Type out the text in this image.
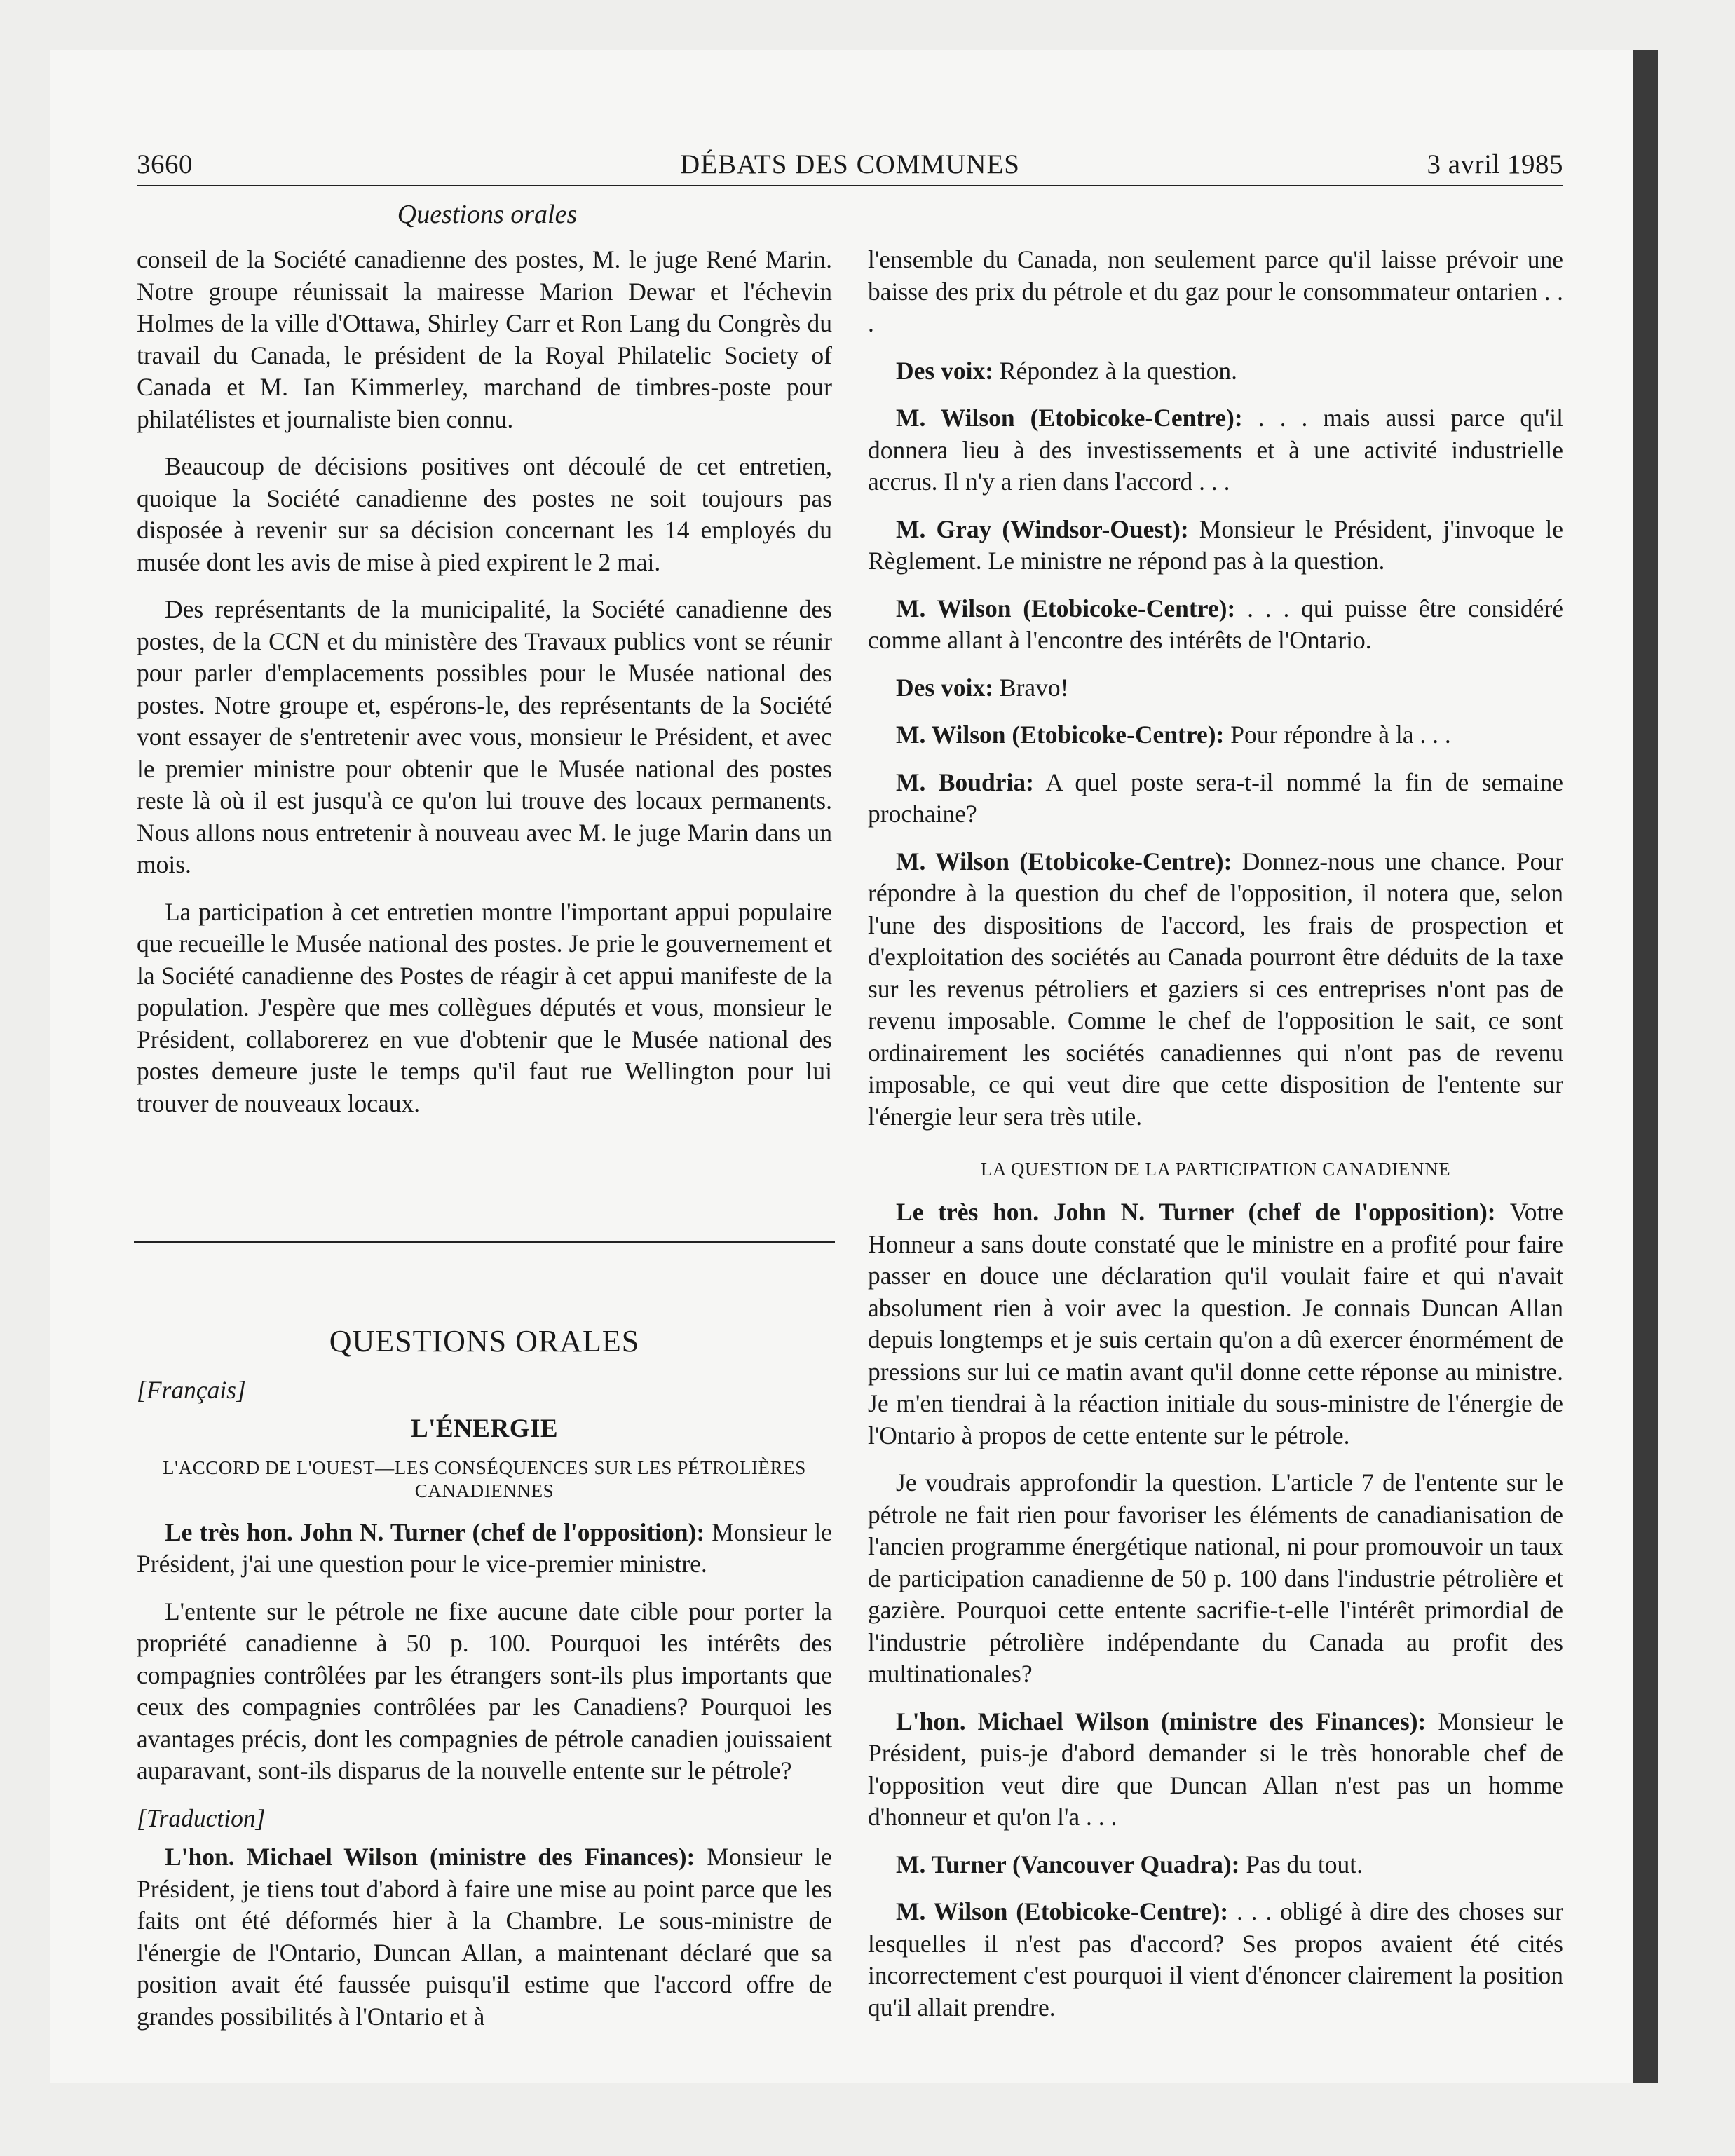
3660	DÉBATS DES COMMUNES	3 avril 1985
Questions orales

conseil de la Société canadienne des postes, M. le juge René Marin. Notre groupe réunissait la mairesse Marion Dewar et l'échevin Holmes de la ville d'Ottawa, Shirley Carr et Ron Lang du Congrès du travail du Canada, le président de la Royal Philatelic Society of Canada et M. Ian Kimmerley, marchand de timbres-poste pour philatélistes et journaliste bien connu.

Beaucoup de décisions positives ont découlé de cet entretien, quoique la Société canadienne des postes ne soit toujours pas disposée à revenir sur sa décision concernant les 14 employés du musée dont les avis de mise à pied expirent le 2 mai.

Des représentants de la municipalité, la Société canadienne des postes, de la CCN et du ministère des Travaux publics vont se réunir pour parler d'emplacements possibles pour le Musée national des postes. Notre groupe et, espérons-le, des représentants de la Société vont essayer de s'entretenir avec vous, monsieur le Président, et avec le premier ministre pour obtenir que le Musée national des postes reste là où il est jusqu'à ce qu'on lui trouve des locaux permanents. Nous allons nous entretenir à nouveau avec M. le juge Marin dans un mois.

La participation à cet entretien montre l'important appui populaire que recueille le Musée national des postes. Je prie le gouvernement et la Société canadienne des Postes de réagir à cet appui manifeste de la population. J'espère que mes collègues députés et vous, monsieur le Président, collaborerez en vue d'obtenir que le Musée national des postes demeure juste le temps qu'il faut rue Wellington pour lui trouver de nouveaux locaux.

QUESTIONS ORALES

[Français]

L'ÉNERGIE
L'ACCORD DE L'OUEST—LES CONSÉQUENCES SUR LES PÉTROLIÈRES CANADIENNES

Le très hon. John N. Turner (chef de l'opposition): Monsieur le Président, j'ai une question pour le vice-premier ministre.

L'entente sur le pétrole ne fixe aucune date cible pour porter la propriété canadienne à 50 p. 100. Pourquoi les intérêts des compagnies contrôlées par les étrangers sont-ils plus importants que ceux des compagnies contrôlées par les Canadiens? Pourquoi les avantages précis, dont les compagnies de pétrole canadien jouissaient auparavant, sont-ils disparus de la nouvelle entente sur le pétrole?

[Traduction]

L'hon. Michael Wilson (ministre des Finances): Monsieur le Président, je tiens tout d'abord à faire une mise au point parce que les faits ont été déformés hier à la Chambre. Le sous-ministre de l'énergie de l'Ontario, Duncan Allan, a maintenant déclaré que sa position avait été faussée puisqu'il estime que l'accord offre de grandes possibilités à l'Ontario et à

l'ensemble du Canada, non seulement parce qu'il laisse prévoir une baisse des prix du pétrole et du gaz pour le consommateur ontarien . . .

Des voix: Répondez à la question.

M. Wilson (Etobicoke-Centre): . . . mais aussi parce qu'il donnera lieu à des investissements et à une activité industrielle accrus. Il n'y a rien dans l'accord . . .

M. Gray (Windsor-Ouest): Monsieur le Président, j'invoque le Règlement. Le ministre ne répond pas à la question.

M. Wilson (Etobicoke-Centre): . . . qui puisse être considéré comme allant à l'encontre des intérêts de l'Ontario.

Des voix: Bravo!

M. Wilson (Etobicoke-Centre): Pour répondre à la . . .

M. Boudria: A quel poste sera-t-il nommé la fin de semaine prochaine?

M. Wilson (Etobicoke-Centre): Donnez-nous une chance. Pour répondre à la question du chef de l'opposition, il notera que, selon l'une des dispositions de l'accord, les frais de prospection et d'exploitation des sociétés au Canada pourront être déduits de la taxe sur les revenus pétroliers et gaziers si ces entreprises n'ont pas de revenu imposable. Comme le chef de l'opposition le sait, ce sont ordinairement les sociétés canadiennes qui n'ont pas de revenu imposable, ce qui veut dire que cette disposition de l'entente sur l'énergie leur sera très utile.

LA QUESTION DE LA PARTICIPATION CANADIENNE

Le très hon. John N. Turner (chef de l'opposition): Votre Honneur a sans doute constaté que le ministre en a profité pour faire passer en douce une déclaration qu'il voulait faire et qui n'avait absolument rien à voir avec la question. Je connais Duncan Allan depuis longtemps et je suis certain qu'on a dû exercer énormément de pressions sur lui ce matin avant qu'il donne cette réponse au ministre. Je m'en tiendrai à la réaction initiale du sous-ministre de l'énergie de l'Ontario à propos de cette entente sur le pétrole.

Je voudrais approfondir la question. L'article 7 de l'entente sur le pétrole ne fait rien pour favoriser les éléments de canadianisation de l'ancien programme énergétique national, ni pour promouvoir un taux de participation canadienne de 50 p. 100 dans l'industrie pétrolière et gazière. Pourquoi cette entente sacrifie-t-elle l'intérêt primordial de l'industrie pétrolière indépendante du Canada au profit des multinationales?

L'hon. Michael Wilson (ministre des Finances): Monsieur le Président, puis-je d'abord demander si le très honorable chef de l'opposition veut dire que Duncan Allan n'est pas un homme d'honneur et qu'on l'a . . .

M. Turner (Vancouver Quadra): Pas du tout.

M. Wilson (Etobicoke-Centre): . . . obligé à dire des choses sur lesquelles il n'est pas d'accord? Ses propos avaient été cités incorrectement c'est pourquoi il vient d'énoncer clairement la position qu'il allait prendre.
